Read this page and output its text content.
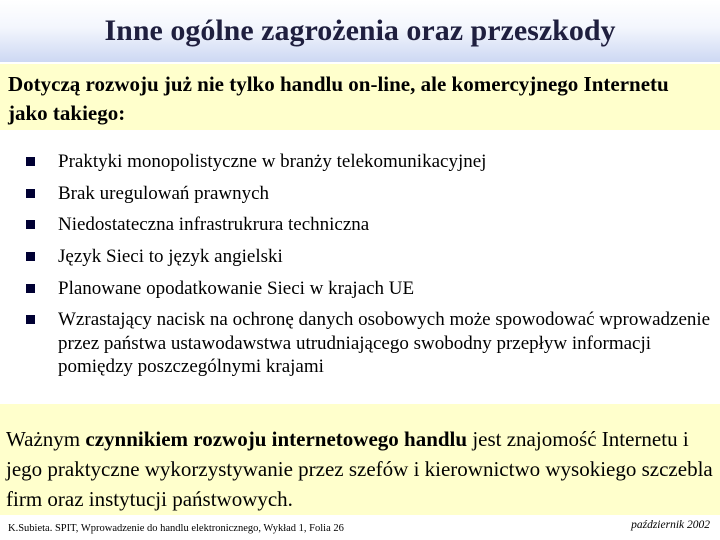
Inne ogólne zagrożenia oraz przeszkody
Dotyczą rozwoju już nie tylko handlu on-line, ale komercyjnego Internetu jako takiego:
Praktyki monopolistyczne w branży telekomunikacyjnej
Brak uregulowań prawnych
Niedostateczna infrastrukrura techniczna
Język Sieci to język angielski
Planowane opodatkowanie Sieci w krajach UE
Wzrastający nacisk na ochronę danych osobowych może spowodować wprowadzenie przez państwa ustawodawstwa utrudniającego swobodny przepływ informacji pomiędzy poszczególnymi krajami
Ważnym czynnikiem rozwoju internetowego handlu jest znajomość Internetu i jego praktyczne wykorzystywanie przez szefów i kierownictwo wysokiego szczebla firm oraz instytucji państwowych.
K.Subieta. SPIT, Wprowadzenie do handlu elektronicznego, Wykład 1, Folia 26	październik 2002
